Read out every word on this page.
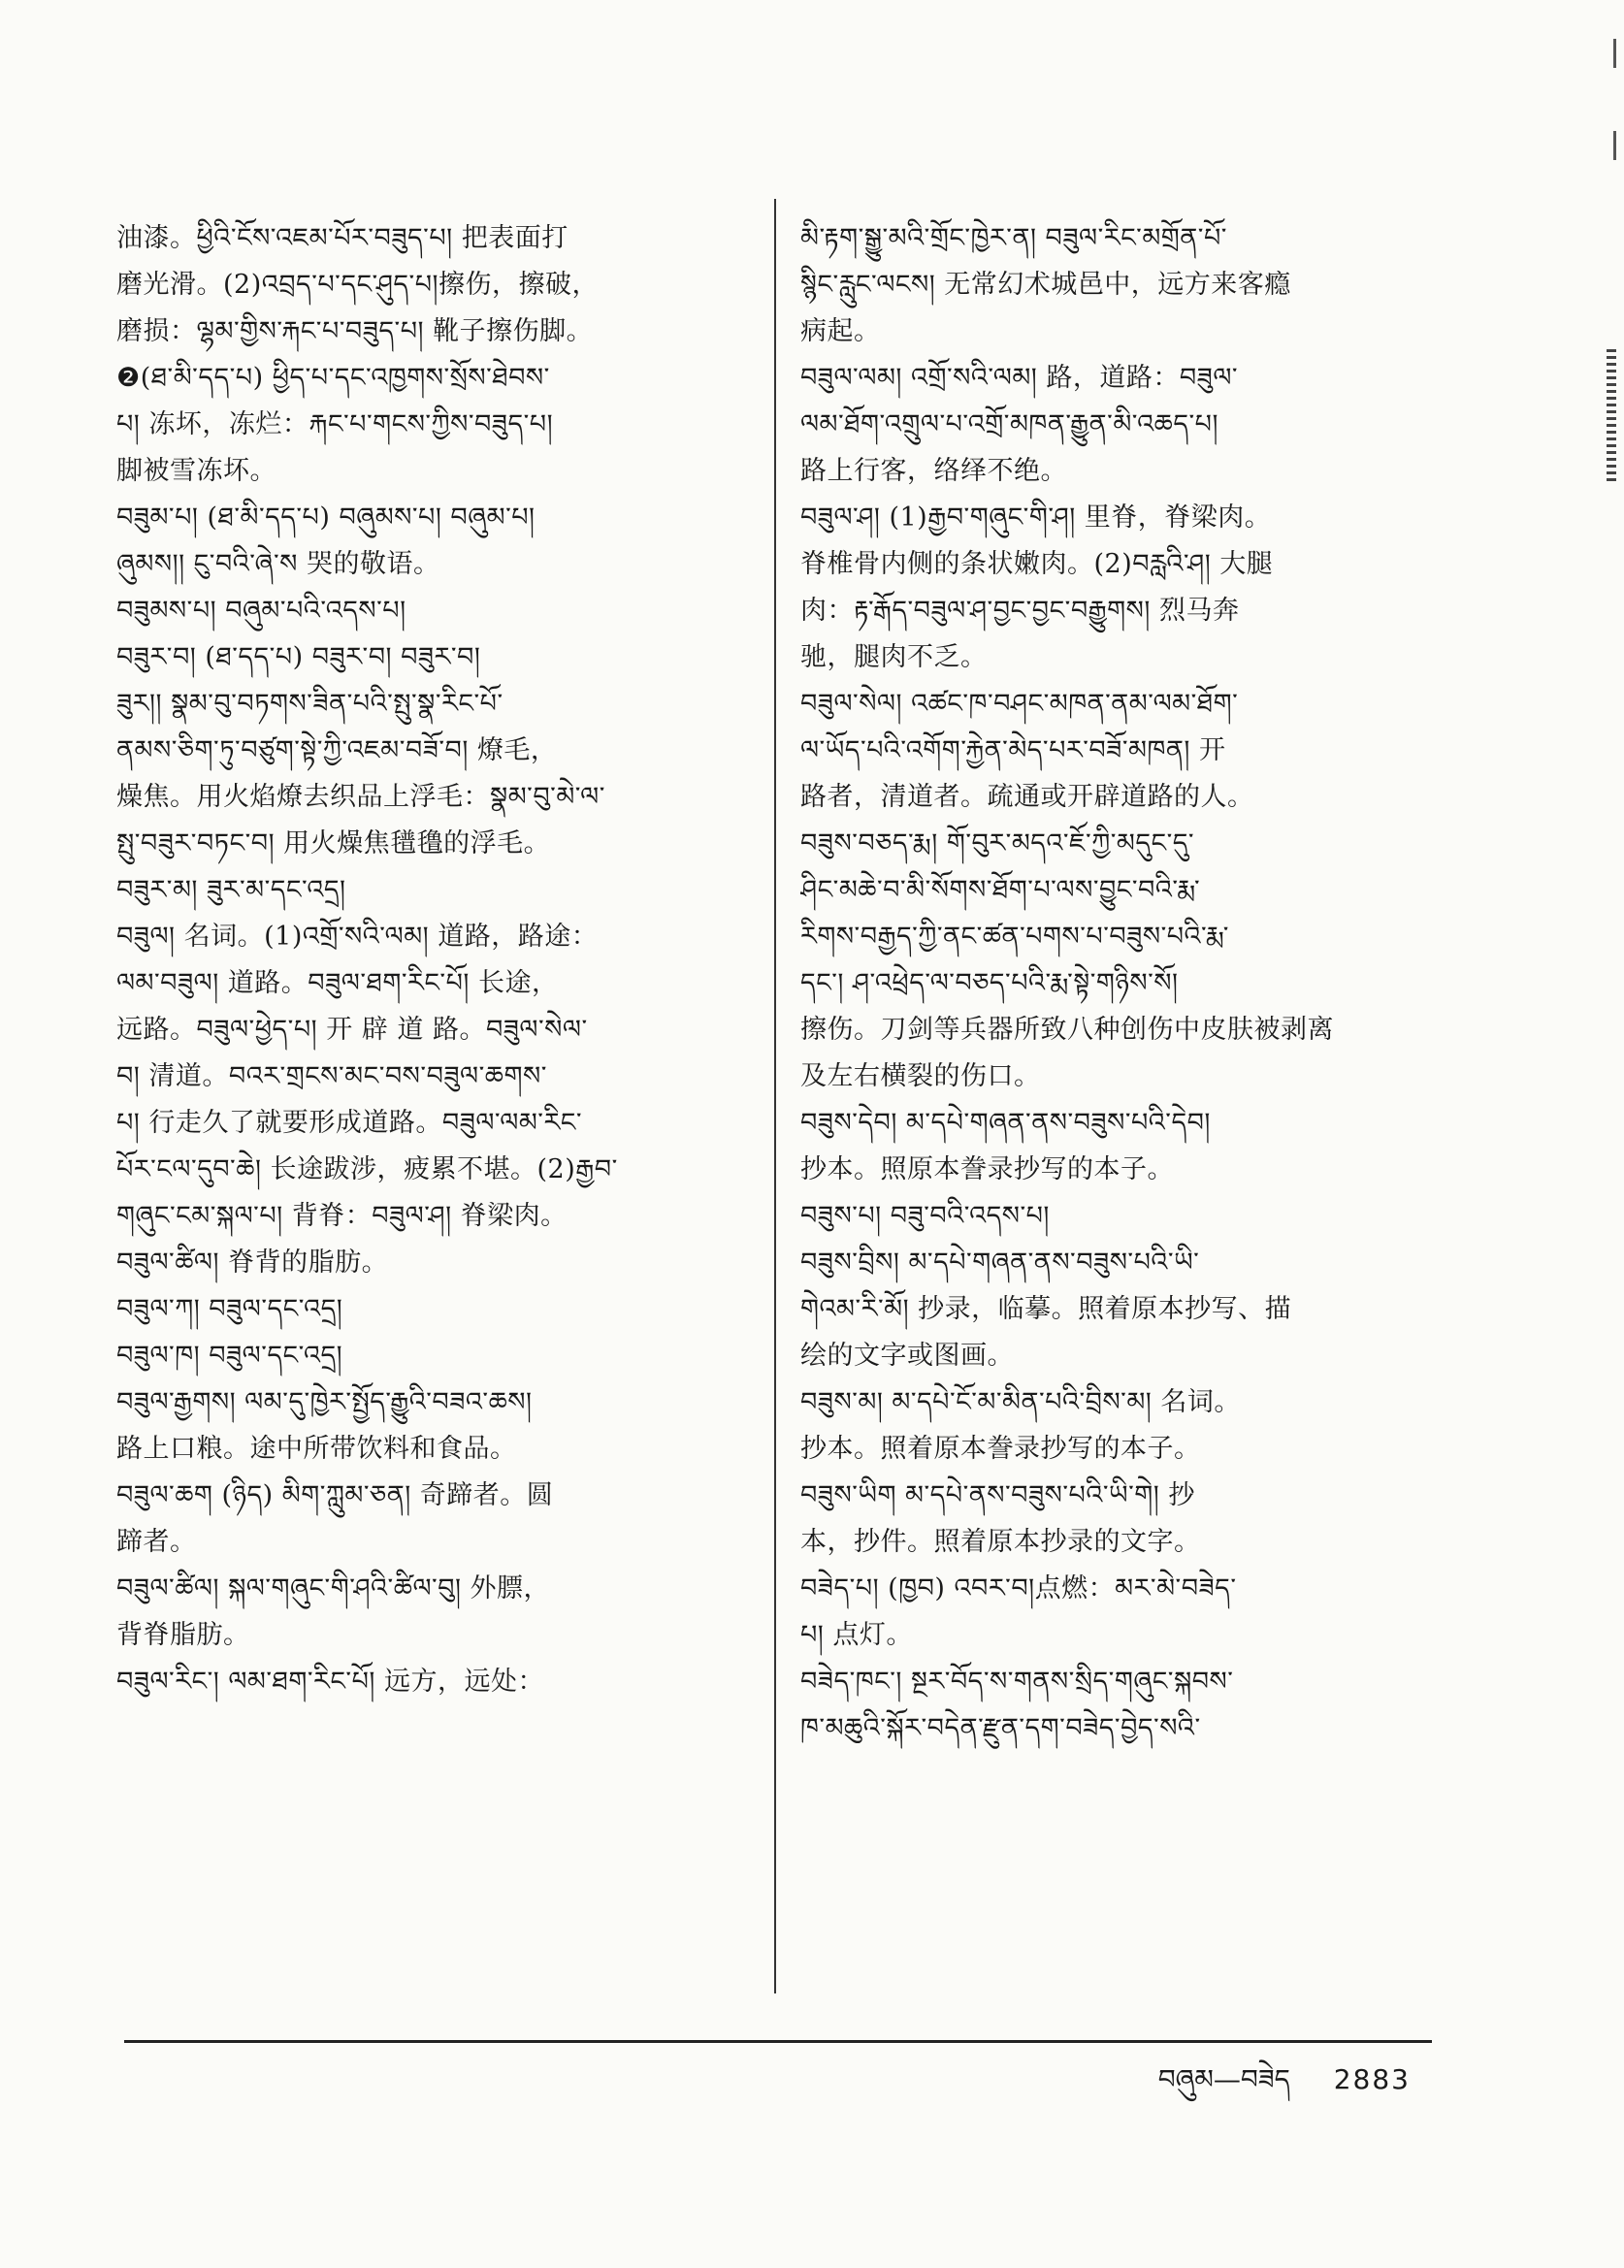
油漆。ཕྱིའི་ངོས་འཇམ་པོར་བཟུད་པ། 把表面打
磨光滑。(2)འབྲད་པ་དང་ཤུད་པ།擦伤，擦破，
磨损：ལྷམ་གྱིས་རྐང་པ་བཟུད་པ། 靴子擦伤脚。
❷(ཐ་མི་དད་པ) ཕྱིད་པ་དང་འཁྱགས་སྲོས་ཐེབས་
པ། 冻坏，冻烂：རྐང་པ་གངས་ཀྱིས་བཟུད་པ།
脚被雪冻坏。
བཟུམ་པ། (ཐ་མི་དད་པ) བཞུམས་པ། བཞུམ་པ།
ཞུམས།། ངུ་བའི་ཞེ་ས 哭的敬语。
བཟུམས་པ། བཞུམ་པའི་འདས་པ།
བཟུར་བ། (ཐ་དད་པ) བཟུར་བ། བཟུར་བ།
ཟུར།། སྣམ་བུ་བཏགས་ཟིན་པའི་སྤུ་སྣ་རིང་པོ་
ནམས་ཅིག་ཏུ་བཙུག་སྟེ་ཀྱི་འཇམ་བཟོ་བ། 燎毛，
燥焦。用火焰燎去织品上浮毛：སྣམ་བུ་མེ་ལ་
སྤུ་བཟུར་བཏང་བ། 用火燥焦氆氇的浮毛。
བཟུར་མ། ཟུར་མ་དང་འདྲ།
བཟུལ། 名词。(1)འགྲོ་སའི་ལམ། 道路，路途：
ལམ་བཟུལ། 道路。བཟུལ་ཐག་རིང་པོ། 长途，
远路。བཟུལ་ཕྱེད་པ། 开 辟 道 路。བཟུལ་སེལ་
བ། 清道。བའར་གྲངས་མང་བས་བཟུལ་ཆགས་
པ། 行走久了就要形成道路。བཟུལ་ལམ་རིང་
པོར་ངལ་དུབ་ཆེ། 长途跋涉，疲累不堪。(2)རྒྱབ་
གཞུང་ངམ་སྐལ་པ། 背脊：བཟུལ་ཤ། 脊梁肉。
བཟུལ་ཚིལ། 脊背的脂肪。
བཟུལ་ཀ། བཟུལ་དང་འདྲ།
བཟུལ་ཁ། བཟུལ་དང་འདྲ།
བཟུལ་རྒྱགས། ལམ་དུ་ཁྱེར་སྤྱོད་རྒྱུའི་བཟའ་ཆས།
路上口粮。途中所带饮料和食品。
བཟུལ་ཆག (ཉིད) མིག་ཀླུམ་ཅན། 奇蹄者。圆
蹄者。
བཟུལ་ཚིལ། སྐལ་གཞུང་གི་ཤའི་ཚིལ་བུ། 外膘，
背脊脂肪。
བཟུལ་རིང་། ལམ་ཐག་རིང་པོ། 远方，远处：
མི་རྟག་སྒྱུ་མའི་གྲོང་ཁྱེར་ན། བཟུལ་རིང་མགྲོན་པོ་
སྙིང་རླུང་ལངས། 无常幻术城邑中，远方来客瘾
病起。
བཟུལ་ལམ། འགྲོ་སའི་ལམ། 路，道路：བཟུལ་
ལམ་ཐོག་འགྲུལ་པ་འགྲོ་མཁན་རྒྱུན་མི་འཆད་པ།
路上行客，络绎不绝。
བཟུལ་ཤ། (1)རྒྱབ་གཞུང་གི་ཤ། 里脊，脊梁肉。
脊椎骨内侧的条状嫩肉。(2)བརླའི་ཤ། 大腿
肉：རྟ་རྒོད་བཟུལ་ཤ་བྱང་བྱང་བརྒྱུགས། 烈马奔
驰，腿肉不乏。
བཟུལ་སེལ། འཚང་ཁ་བཤང་མཁན་ནམ་ལམ་ཐོག་
ལ་ཡོད་པའི་འགོག་རྐྱེན་མེད་པར་བཟོ་མཁན། 开
路者，清道者。疏通或开辟道路的人。
བཟུས་བཅད་རྨ། གོ་བུར་མདའ་ཇོ་ཀྱི་མདུང་དུ་
ཤིང་མཆེ་བ་མི་སོགས་ཐོག་པ་ལས་བྱུང་བའི་རྨ་
རིགས་བརྒྱད་ཀྱི་ནང་ཚན་པགས་པ་བཟུས་པའི་རྨ་
དང་། ཤ་འཕྲེད་ལ་བཅད་པའི་རྨ་སྟེ་གཉིས་སོ།
擦伤。刀剑等兵器所致八种创伤中皮肤被剥离
及左右横裂的伤口。
བཟུས་དེབ། མ་དཔེ་གཞན་ནས་བཟུས་པའི་དེབ།
抄本。照原本誊录抄写的本子。
བཟུས་པ། བཟུ་བའི་འདས་པ།
བཟུས་བྲིས། མ་དཔེ་གཞན་ནས་བཟུས་པའི་ཡི་
གེའམ་རི་མོ། 抄录，临摹。照着原本抄写、描
绘的文字或图画。
བཟུས་མ། མ་དཔེ་ངོ་མ་མིན་པའི་བྲིས་མ། 名词。
抄本。照着原本誊录抄写的本子。
བཟུས་ཡིག མ་དཔེ་ནས་བཟུས་པའི་ཡི་གེ། 抄
本，抄件。照着原本抄录的文字。
བཟེད་པ། (ཁྱབ) འབར་བ།点燃：མར་མེ་བཟེད་
པ། 点灯。
བཟེད་ཁང་། སྔར་བོད་ས་གནས་སྲིད་གཞུང་སྐབས་
ཁ་མཆུའི་སྐོར་བདེན་རྫུན་དག་བཟེད་བྱེད་སའི་
བཞུམ—བཟེད 2883
